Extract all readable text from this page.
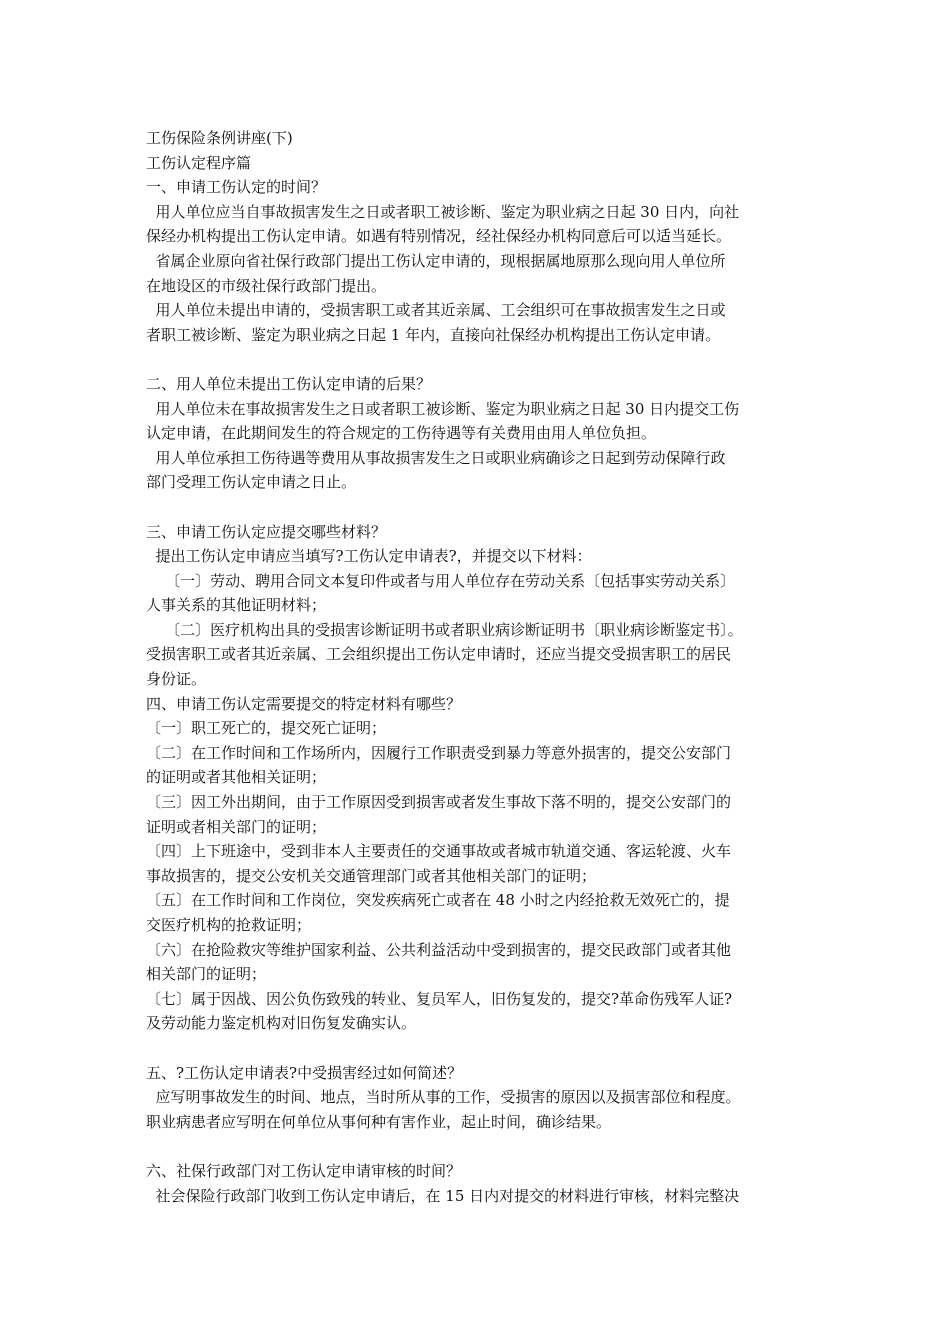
工伤保险条例讲座(下)
工伤认定程序篇
一、申请工伤认定的时间？
用人单位应当自事故损害发生之日或者职工被诊断、鉴定为职业病之日起 30 日内，向社
保经办机构提出工伤认定申请。如遇有特别情况，经社保经办机构同意后可以适当延长。
省属企业原向省社保行政部门提出工伤认定申请的，现根据属地原那么现向用人单位所
在地设区的市级社保行政部门提出。
用人单位未提出申请的，受损害职工或者其近亲属、工会组织可在事故损害发生之日或
者职工被诊断、鉴定为职业病之日起 1 年内，直接向社保经办机构提出工伤认定申请。
二、用人单位未提出工伤认定申请的后果？
用人单位未在事故损害发生之日或者职工被诊断、鉴定为职业病之日起 30 日内提交工伤
认定申请，在此期间发生的符合规定的工伤待遇等有关费用由用人单位负担。
用人单位承担工伤待遇等费用从事故损害发生之日或职业病确诊之日起到劳动保障行政
部门受理工伤认定申请之日止。
三、申请工伤认定应提交哪些材料？
提出工伤认定申请应当填写?工伤认定申请表?，并提交以下材料：
〔一〕劳动、聘用合同文本复印件或者与用人单位存在劳动关系〔包括事实劳动关系〕
人事关系的其他证明材料；
〔二〕医疗机构出具的受损害诊断证明书或者职业病诊断证明书〔职业病诊断鉴定书〕。
受损害职工或者其近亲属、工会组织提出工伤认定申请时，还应当提交受损害职工的居民
身份证。
四、申请工伤认定需要提交的特定材料有哪些？
〔一〕职工死亡的，提交死亡证明；
〔二〕在工作时间和工作场所内，因履行工作职责受到暴力等意外损害的，提交公安部门
的证明或者其他相关证明；
〔三〕因工外出期间，由于工作原因受到损害或者发生事故下落不明的，提交公安部门的
证明或者相关部门的证明；
〔四〕上下班途中，受到非本人主要责任的交通事故或者城市轨道交通、客运轮渡、火车
事故损害的，提交公安机关交通管理部门或者其他相关部门的证明；
〔五〕在工作时间和工作岗位，突发疾病死亡或者在 48 小时之内经抢救无效死亡的，提
交医疗机构的抢救证明；
〔六〕在抢险救灾等维护国家利益、公共利益活动中受到损害的，提交民政部门或者其他
相关部门的证明；
〔七〕属于因战、因公负伤致残的转业、复员军人，旧伤复发的，提交?革命伤残军人证?
及劳动能力鉴定机构对旧伤复发确实认。
五、?工伤认定申请表?中受损害经过如何简述？
应写明事故发生的时间、地点，当时所从事的工作，受损害的原因以及损害部位和程度。
职业病患者应写明在何单位从事何种有害作业，起止时间，确诊结果。
六、社保行政部门对工伤认定申请审核的时间？
社会保险行政部门收到工伤认定申请后，在 15 日内对提交的材料进行审核，材料完整决
